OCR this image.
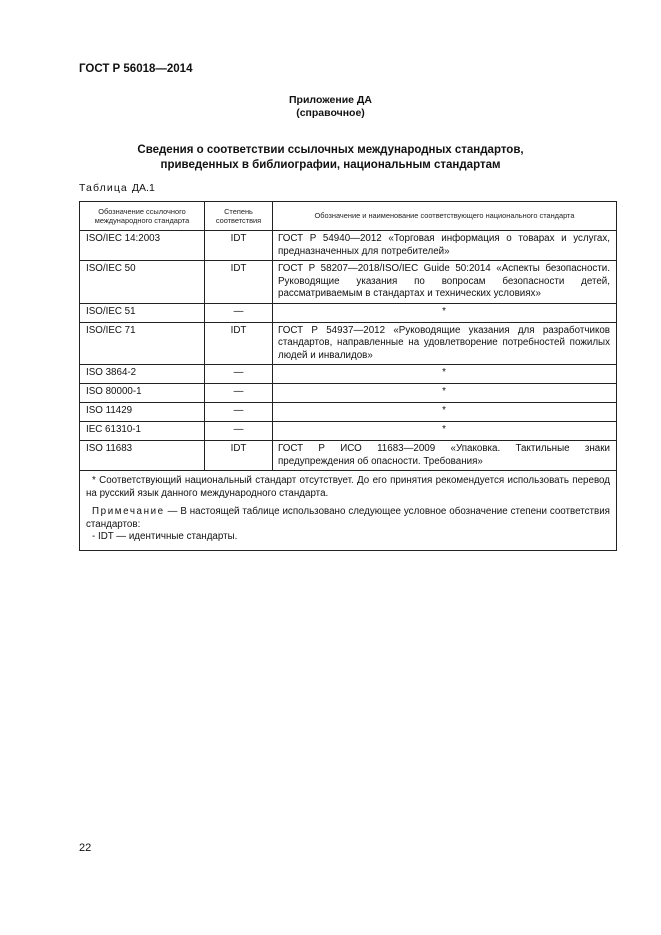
ГОСТ Р 56018—2014
Приложение ДА
(справочное)
Сведения о соответствии ссылочных международных стандартов,
приведенных в библиографии, национальным стандартам
Таблица ДА.1
Обозначение ссылочного международного стандарта	Степень соответствия	Обозначение и наименование соответствующего национального стандарта
ISO/IEC 14:2003	IDT	ГОСТ Р 54940—2012 «Торговая информация о товарах и услугах, предназначенных для потребителей»
ISO/IEC 50	IDT	ГОСТ Р 58207—2018/ISO/IEC Guide 50:2014 «Аспекты безопасности. Руководящие указания по вопросам безопасности детей, рассматриваемым в стандартах и технических условиях»
ISO/IEC 51	—	*
ISO/IEC 71	IDT	ГОСТ Р 54937—2012 «Руководящие указания для разработчиков стандартов, направленные на удовлетворение потребностей пожилых людей и инвалидов»
ISO 3864-2	—	*
ISO 80000-1	—	*
ISO 11429	—	*
IEC 61310-1	—	*
ISO 11683	IDT	ГОСТ Р ИСО 11683—2009 «Упаковка. Тактильные знаки предупреждения об опасности. Требования»

* Соответствующий национальный стандарт отсутствует. До его принятия рекомендуется использовать перевод на русский язык данного международного стандарта.
Примечание — В настоящей таблице использовано следующее условное обозначение степени соответствия стандартов:
- IDT — идентичные стандарты.		
22
